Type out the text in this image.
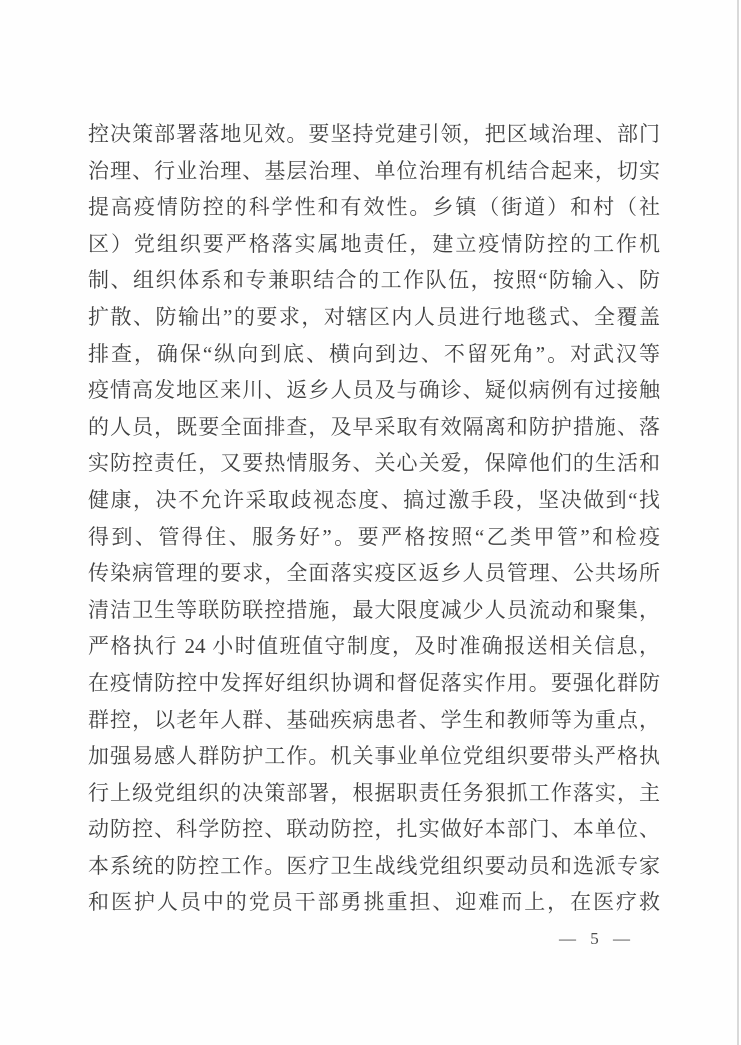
控决策部署落地见效。要坚持党建引领，把区域治理、部门
治理、行业治理、基层治理、单位治理有机结合起来，切实
提高疫情防控的科学性和有效性。乡镇（街道）和村（社
区）党组织要严格落实属地责任，建立疫情防控的工作机
制、组织体系和专兼职结合的工作队伍，按照“防输入、防
扩散、防输出”的要求，对辖区内人员进行地毯式、全覆盖
排查，确保“纵向到底、横向到边、不留死角”。对武汉等
疫情高发地区来川、返乡人员及与确诊、疑似病例有过接触
的人员，既要全面排查，及早采取有效隔离和防护措施、落
实防控责任，又要热情服务、关心关爱，保障他们的生活和
健康，决不允许采取歧视态度、搞过激手段，坚决做到“找
得到、管得住、服务好”。要严格按照“乙类甲管”和检疫
传染病管理的要求，全面落实疫区返乡人员管理、公共场所
清洁卫生等联防联控措施，最大限度减少人员流动和聚集，
严格执行 24 小时值班值守制度，及时准确报送相关信息，
在疫情防控中发挥好组织协调和督促落实作用。要强化群防
群控，以老年人群、基础疾病患者、学生和教师等为重点，
加强易感人群防护工作。机关事业单位党组织要带头严格执
行上级党组织的决策部署，根据职责任务狠抓工作落实，主
动防控、科学防控、联动防控，扎实做好本部门、本单位、
本系统的防控工作。医疗卫生战线党组织要动员和选派专家
和医护人员中的党员干部勇挑重担、迎难而上，在医疗救
— 5 —
